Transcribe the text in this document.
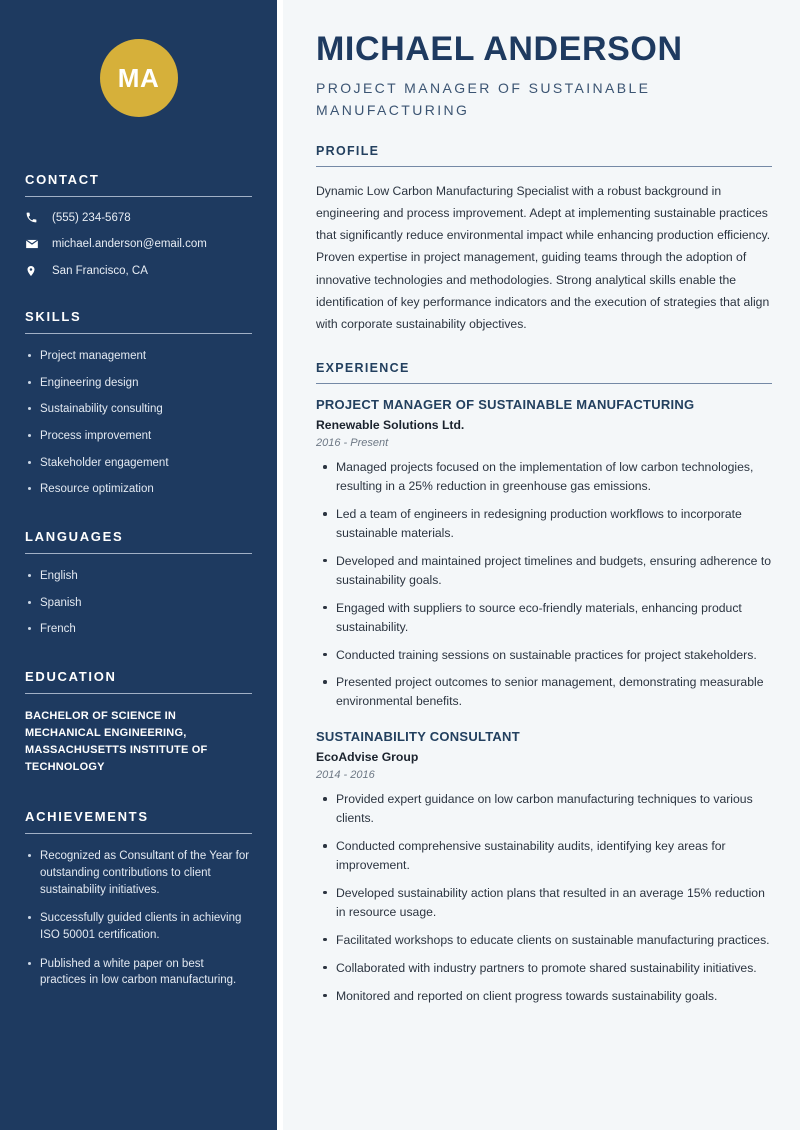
MA
CONTACT
(555) 234-5678
michael.anderson@email.com
San Francisco, CA
SKILLS
Project management
Engineering design
Sustainability consulting
Process improvement
Stakeholder engagement
Resource optimization
LANGUAGES
English
Spanish
French
EDUCATION
BACHELOR OF SCIENCE IN MECHANICAL ENGINEERING, MASSACHUSETTS INSTITUTE OF TECHNOLOGY
ACHIEVEMENTS
Recognized as Consultant of the Year for outstanding contributions to client sustainability initiatives.
Successfully guided clients in achieving ISO 50001 certification.
Published a white paper on best practices in low carbon manufacturing.
MICHAEL ANDERSON
PROJECT MANAGER OF SUSTAINABLE MANUFACTURING
PROFILE

Dynamic Low Carbon Manufacturing Specialist with a robust background in engineering and process improvement. Adept at implementing sustainable practices that significantly reduce environmental impact while enhancing production efficiency. Proven expertise in project management, guiding teams through the adoption of innovative technologies and methodologies. Strong analytical skills enable the identification of key performance indicators and the execution of strategies that align with corporate sustainability objectives.

EXPERIENCE
PROJECT MANAGER OF SUSTAINABLE MANUFACTURING
Renewable Solutions Ltd.
2016 - Present
Managed projects focused on the implementation of low carbon technologies, resulting in a 25% reduction in greenhouse gas emissions.
Led a team of engineers in redesigning production workflows to incorporate sustainable materials.
Developed and maintained project timelines and budgets, ensuring adherence to sustainability goals.
Engaged with suppliers to source eco-friendly materials, enhancing product sustainability.
Conducted training sessions on sustainable practices for project stakeholders.
Presented project outcomes to senior management, demonstrating measurable environmental benefits.
SUSTAINABILITY CONSULTANT
EcoAdvise Group
2014 - 2016
Provided expert guidance on low carbon manufacturing techniques to various clients.
Conducted comprehensive sustainability audits, identifying key areas for improvement.
Developed sustainability action plans that resulted in an average 15% reduction in resource usage.
Facilitated workshops to educate clients on sustainable manufacturing practices.
Collaborated with industry partners to promote shared sustainability initiatives.
Monitored and reported on client progress towards sustainability goals.
